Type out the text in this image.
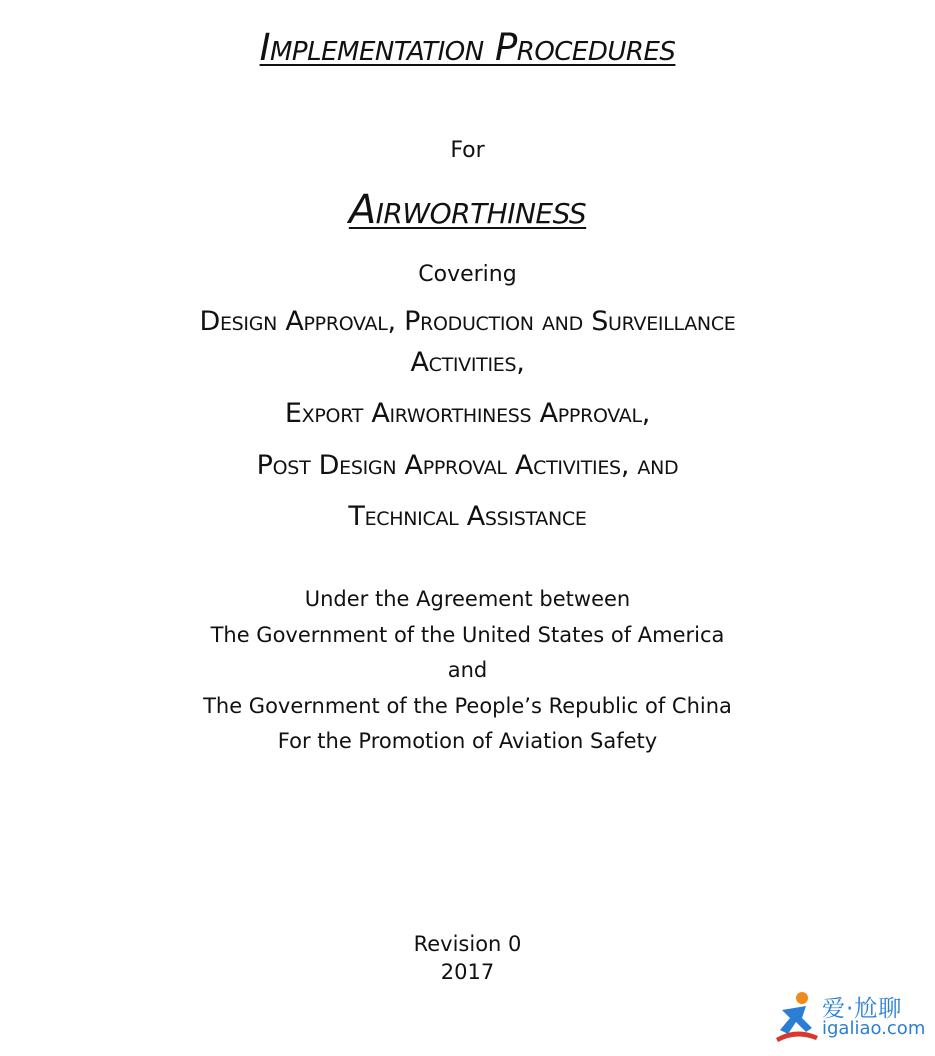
Implementation Procedures
For
Airworthiness
Covering
Design Approval, Production and Surveillance
Activities,
Export Airworthiness Approval,
Post Design Approval Activities, and
Technical Assistance
Under the Agreement between
The Government of the United States of America
and
The Government of the People’s Republic of China
For the Promotion of Aviation Safety
Revision 0
2017
爱·尬聊
igaliao.com
